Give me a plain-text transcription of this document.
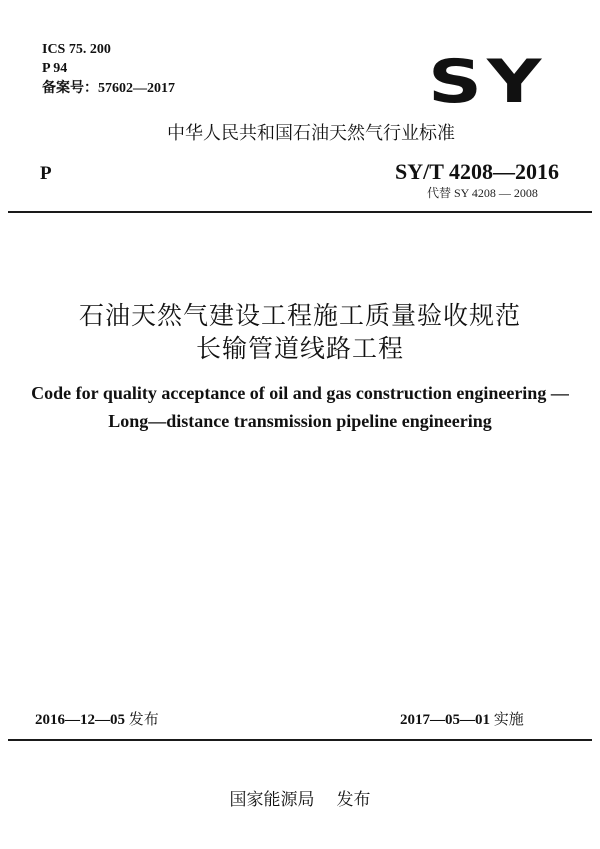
ICS 75. 200
P 94
备案号：57602—2017	SY
中华人民共和国石油天然气行业标准
P	SY/T 4208—2016
代替 SY 4208 — 2008
石油天然气建设工程施工质量验收规范
长输管道线路工程
Code for quality acceptance of oil and gas construction engineering —
Long—distance transmission pipeline engineering
2016—12—05 发布	2017—05—01 实施
国家能源局 发布
